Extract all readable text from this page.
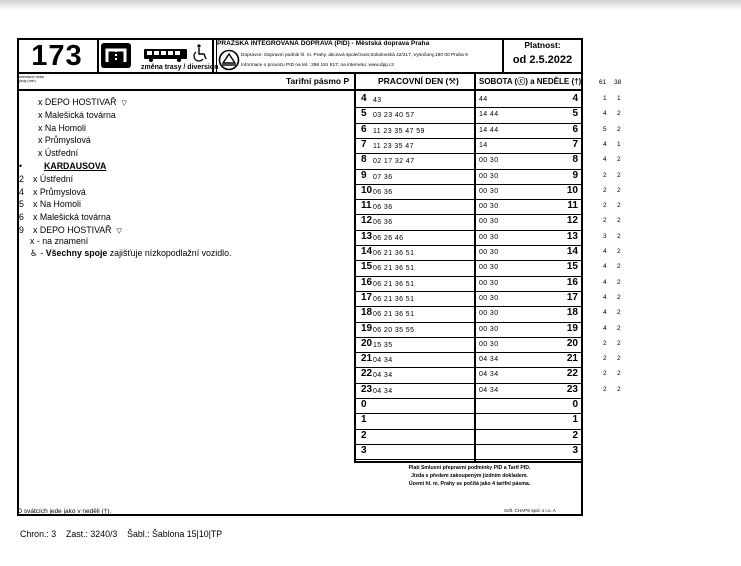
173	změna trasy / diversion
PRAŽSKÁ INTEGROVANÁ DOPRAVA (PID) - Městská doprava Praha
Dopravce: Dopravní podnik hl. m. Prahy, akciová společnost,Sokolovská 42/217, Vysočany,190 00 Praha 9
Informace o provozu PID na tel.: 296 191 817; na internetu: www.dpp.cz
Platnost:
od 2.5.2022
orientační doba
jízdy (min)	Tarifní pásmo P	PRACOVNÍ DEN (⚒)	SOBOTA (ⓒ) a NEDĚLE (†)	61 38
x DEPO HOSTIVAŘ ▽
x Malešická továrna
x Na Homoli
x Průmyslová
x Ústřední
• KARDAUSOVA
2 x Ústřední
4 x Průmyslová
5 x Na Homoli
6 x Malešická továrna
9 x DEPO HOSTIVAŘ ▽
x - na znamení
♿ - Všechny spoje zajišťuje nízkopodlažní vozidlo.
4 43	44	4	1 1
5 03 23 40 57	14 44	5	4 2
6 11 23 35 47 59	14 44	6	5 2
7 11 23 35 47	14	7	4 1
8 02 17 32 47	00 30	8	4 2
9 07 36	00 30	9	2 2
10 06 36	00 30	10	2 2
11 06 36	00 30	11	2 2
12 06 36	00 30	12	2 2
13 06 26 46	00 30	13	3 2
14 06 21 36 51	00 30	14	4 2
15 06 21 36 51	00 30	15	4 2
16 06 21 36 51	00 30	16	4 2
17 06 21 36 51	00 30	17	4 2
18 06 21 36 51	00 30	18	4 2
19 06 20 35 55	00 30	19	4 2
20 15 35	00 30	20	2 2
21 04 34	04 34	21	2 2
22 04 34	04 34	22	2 2
23 04 34	04 34	23	2 2
0	0
1	1
2	2
3	3
Platí Smluvní přepravní podmínky PID a Tarif PID.
Jízda s předem zakoupeným jízdním dokladem.
Území hl. m. Prahy se počítá jako 4 tarifní pásma.
O svátcích jede jako v neděli (†).	Soft. CHAPS spol. s r.o. A
Chron.: 3 Zast.: 3240/3 Šabl.: Šablona 15|10|TP
